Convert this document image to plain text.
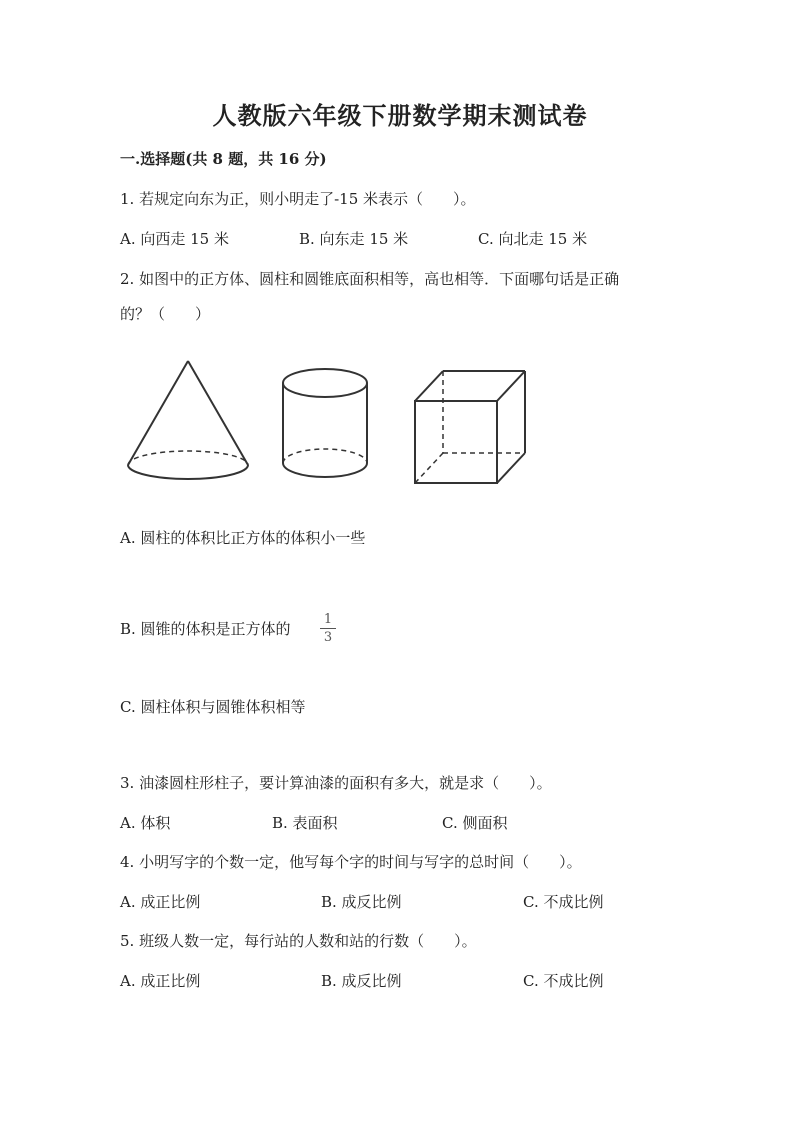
人教版六年级下册数学期末测试卷
一.选择题(共 8 题，共 16 分)
1. 若规定向东为正，则小明走了-15 米表示（　　）。
A. 向西走 15 米	B. 向东走 15 米	C. 向北走 15 米
2. 如图中的正方体、圆柱和圆锥底面积相等，高也相等．下面哪句话是正确
的？（　　）
A. 圆柱的体积比正方体的体积小一些
B. 圆锥的体积是正方体的
1
3
C. 圆柱体积与圆锥体积相等
3. 油漆圆柱形柱子，要计算油漆的面积有多大，就是求（　　）。
A. 体积	B. 表面积	C. 侧面积
4. 小明写字的个数一定，他写每个字的时间与写字的总时间（　　）。
A. 成正比例	B. 成反比例	C. 不成比例
5. 班级人数一定，每行站的人数和站的行数（　　）。
A. 成正比例	B. 成反比例	C. 不成比例
